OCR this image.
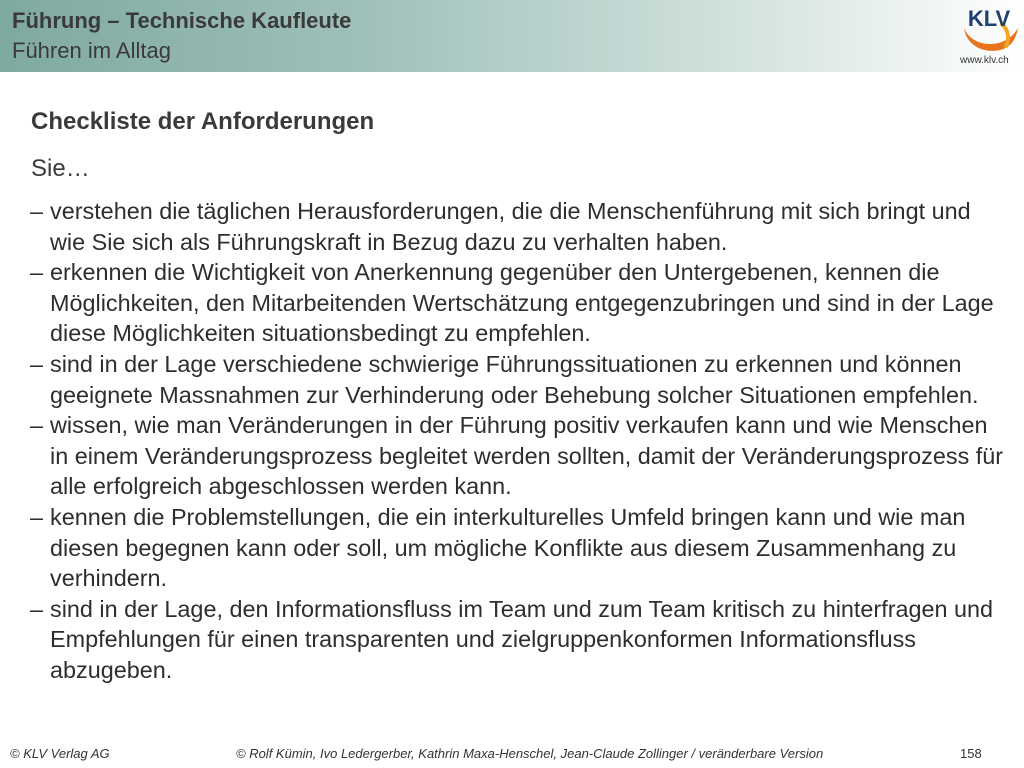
Führung – Technische Kaufleute
Führen im Alltag
KLV
www.klv.ch
Checkliste der Anforderungen
Sie…
– verstehen die täglichen Herausforderungen, die die Menschenführung mit sich bringt und wie Sie sich als Führungskraft in Bezug dazu zu verhalten haben.
– erkennen die Wichtigkeit von Anerkennung gegenüber den Untergebenen, kennen die Möglichkeiten, den Mitarbeitenden Wertschätzung entgegenzubringen und sind in der Lage diese Möglichkeiten situationsbedingt zu empfehlen.
– sind in der Lage verschiedene schwierige Führungssituationen zu erkennen und können geeignete Massnahmen zur Verhinderung oder Behebung solcher Situationen empfehlen.
– wissen, wie man Veränderungen in der Führung positiv verkaufen kann und wie Menschen in einem Veränderungsprozess begleitet werden sollten, damit der Veränderungsprozess für alle erfolgreich abgeschlossen werden kann.
– kennen die Problemstellungen, die ein interkulturelles Umfeld bringen kann und wie man diesen begegnen kann oder soll, um mögliche Konflikte aus diesem Zusammenhang zu verhindern.
– sind in der Lage, den Informationsfluss im Team und zum Team kritisch zu hinterfragen und Empfehlungen für einen transparenten und zielgruppenkonformen Informationsfluss abzugeben.
© KLV Verlag AG	© Rolf Kümin, Ivo Ledergerber, Kathrin Maxa-Henschel, Jean-Claude Zollinger / veränderbare Version	158
